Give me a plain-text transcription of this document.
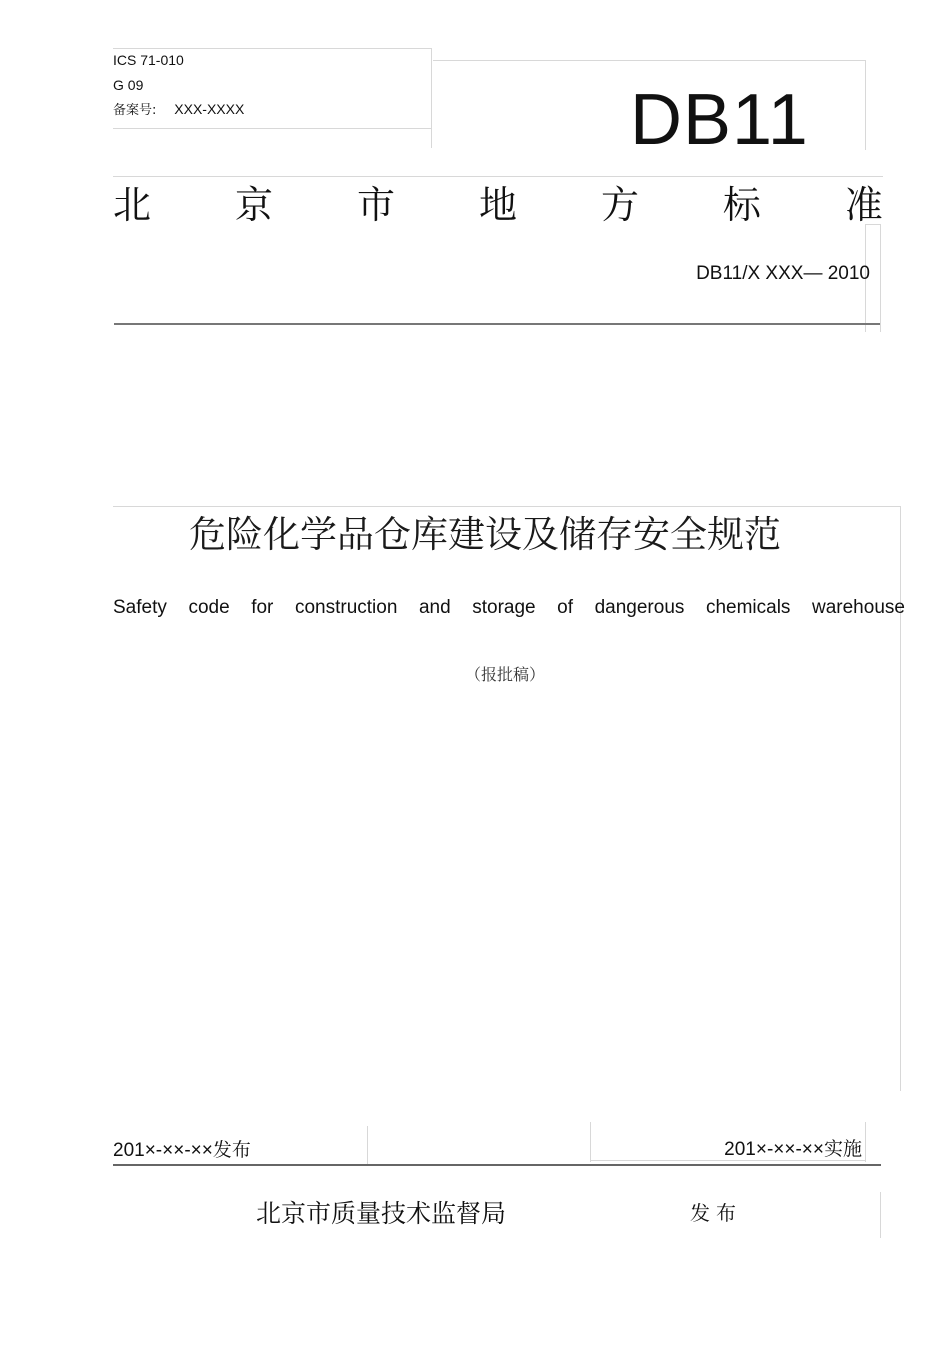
ICS 71-010
G 09
备案号: XXX-XXXX	DB11
北 京 市 地 方 标 准
DB11/X XXX— 2010
危险化学品仓库建设及储存安全规范
Safety code for construction and storage of dangerous chemicals warehouse
（报批稿）
201×-××-××发布	201×-××-××实施
北京市质量技术监督局	发布
